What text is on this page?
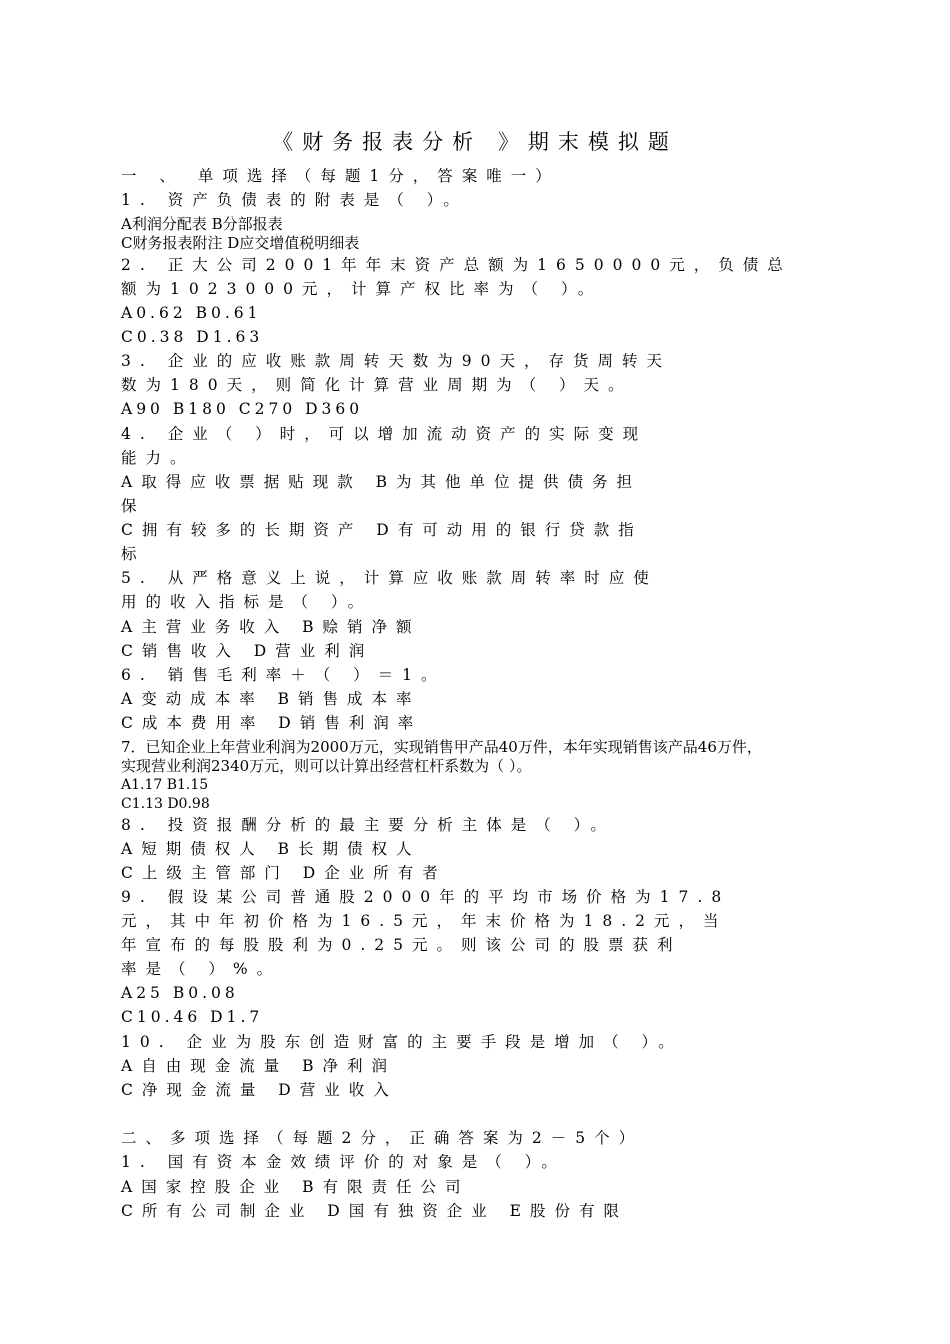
《财务报表分析 》期末模拟题
一 、 单项选择（每题1分，答案唯一）
1. 资产负债表的附表是（ ）。
A利润分配表 B分部报表
C财务报表附注 D应交增值税明细表
2. 正大公司2001年年末资产总额为1650000元，负债总
额为1023000元，计算产权比率为（ ）。
A0.62 B0.61
C0.38 D1.63
3. 企业的应收账款周转天数为90天，存货周转天
数为180天，则简化计算营业周期为（ ）天。
A90 B180 C270 D360
4. 企业（ ）时，可以增加流动资产的实际变现
能力。
A取得应收票据贴现款 B为其他单位提供债务担
保
C拥有较多的长期资产 D有可动用的银行贷款指
标
5. 从严格意义上说，计算应收账款周转率时应使
用的收入指标是（ ）。
A主营业务收入 B赊销净额
C销售收入 D营业利润
6. 销售毛利率＋（ ）＝1。
A变动成本率 B销售成本率
C成本费用率 D销售利润率
7．已知企业上年营业利润为2000万元，实现销售甲产品40万件，本年实现销售该产品46万件，
实现营业利润2340万元，则可以计算出经营杠杆系数为（ ）。
A1.17 B1.15
C1.13 D0.98
8. 投资报酬分析的最主要分析主体是（ ）。
A短期债权人 B长期债权人
C上级主管部门 D企业所有者
9. 假设某公司普通股2000年的平均市场价格为17.8
元，其中年初价格为16.5元，年末价格为18.2元，当
年宣布的每股股利为0.25元。则该公司的股票获利
率是（ ）%。
A25 B0.08
C10.46 D1.7
10. 企业为股东创造财富的主要手段是增加（ ）。
A自由现金流量 B净利润
C净现金流量 D营业收入
二、多项选择（每题2分，正确答案为2－5个）
1. 国有资本金效绩评价的对象是（ ）。
A国家控股企业 B有限责任公司
C所有公司制企业 D国有独资企业 E股份有限
